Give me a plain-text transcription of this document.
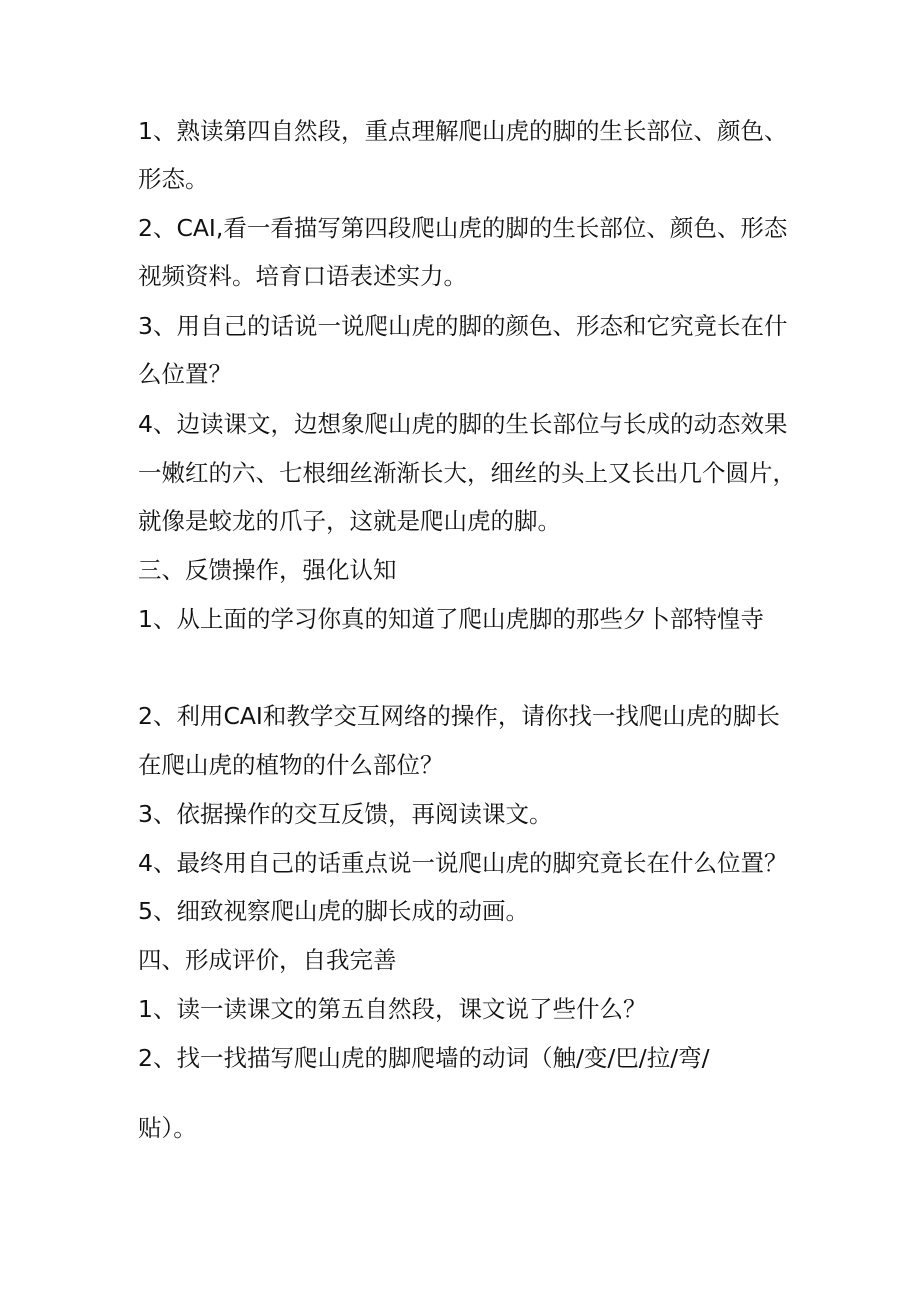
1、熟读第四自然段，重点理解爬山虎的脚的生长部位、颜色、
形态。
2、CAI,看一看描写第四段爬山虎的脚的生长部位、颜色、形态
视频资料。培育口语表述实力。
3、用自己的话说一说爬山虎的脚的颜色、形态和它究竟长在什
么位置？
4、边读课文，边想象爬山虎的脚的生长部位与长成的动态效果
一嫩红的六、七根细丝渐渐长大，细丝的头上又长出几个圆片，
就像是蛟龙的爪子，这就是爬山虎的脚。
三、反馈操作，强化认知
1、从上面的学习你真的知道了爬山虎脚的那些夕卜部特惶寺
2、利用CAI和教学交互网络的操作，请你找一找爬山虎的脚长
在爬山虎的植物的什么部位？
3、依据操作的交互反馈，再阅读课文。
4、最终用自己的话重点说一说爬山虎的脚究竟长在什么位置？
5、细致视察爬山虎的脚长成的动画。
四、形成评价，自我完善
1、读一读课文的第五自然段，课文说了些什么？
2、找一找描写爬山虎的脚爬墙的动词（触/变/巴/拉/弯/
贴）。
